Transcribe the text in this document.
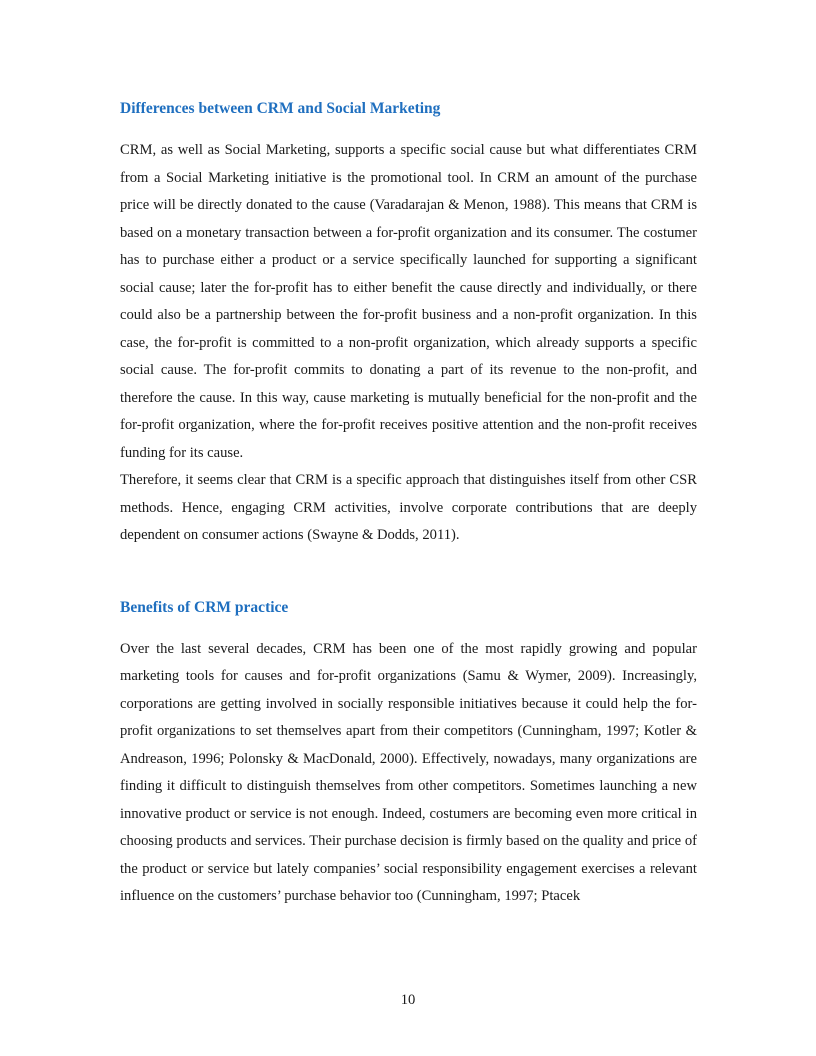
Differences between CRM and Social Marketing

CRM, as well as Social Marketing, supports a specific social cause but what differentiates CRM from a Social Marketing initiative is the promotional tool. In CRM an amount of the purchase price will be directly donated to the cause (Varadarajan & Menon, 1988). This means that CRM is based on a monetary transaction between a for-profit organization and its consumer. The costumer has to purchase either a product or a service specifically launched for supporting a significant social cause; later the for-profit has to either benefit the cause directly and individually, or there could also be a partnership between the for-profit business and a non-profit organization. In this case, the for-profit is committed to a non-profit organization, which already supports a specific social cause. The for-profit commits to donating a part of its revenue to the non-profit, and therefore the cause. In this way, cause marketing is mutually beneficial for the non-profit and the for-profit organization, where the for-profit receives positive attention and the non-profit receives funding for its cause.

Therefore, it seems clear that CRM is a specific approach that distinguishes itself from other CSR methods. Hence, engaging CRM activities, involve corporate contributions that are deeply dependent on consumer actions (Swayne & Dodds, 2011).

Benefits of CRM practice

Over the last several decades, CRM has been one of the most rapidly growing and popular marketing tools for causes and for-profit organizations (Samu & Wymer, 2009). Increasingly, corporations are getting involved in socially responsible initiatives because it could help the for-profit organizations to set themselves apart from their competitors (Cunningham, 1997; Kotler & Andreason, 1996; Polonsky & MacDonald, 2000). Effectively, nowadays, many organizations are finding it difficult to distinguish themselves from other competitors. Sometimes launching a new innovative product or service is not enough. Indeed, costumers are becoming even more critical in choosing products and services. Their purchase decision is firmly based on the quality and price of the product or service but lately companies’ social responsibility engagement exercises a relevant influence on the customers’ purchase behavior too (Cunningham, 1997; Ptacek

10
